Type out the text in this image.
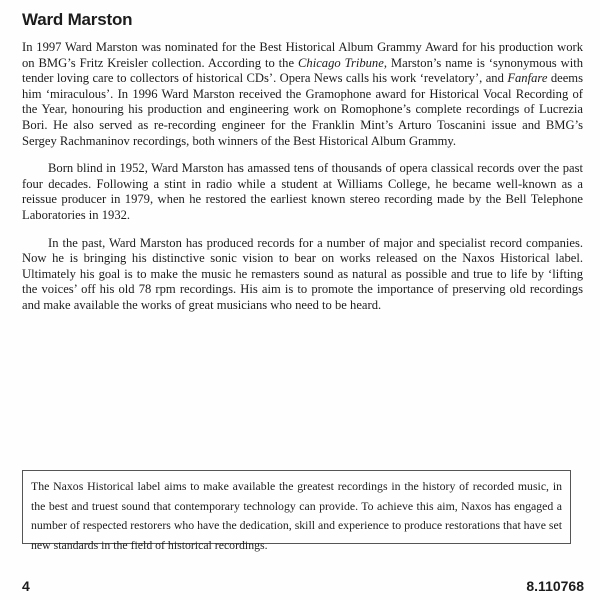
Ward Marston

In 1997 Ward Marston was nominated for the Best Historical Album Grammy Award for his production work on BMG’s Fritz Kreisler collection. According to the Chicago Tribune, Marston’s name is ‘synonymous with tender loving care to collectors of historical CDs’. Opera News calls his work ‘revelatory’, and Fanfare deems him ‘miraculous’. In 1996 Ward Marston received the Gramophone award for Historical Vocal Recording of the Year, honouring his production and engineering work on Romophone’s complete recordings of Lucrezia Bori. He also served as re-recording engineer for the Franklin Mint’s Arturo Toscanini issue and BMG’s Sergey Rachmaninov recordings, both winners of the Best Historical Album Grammy.

Born blind in 1952, Ward Marston has amassed tens of thousands of opera classical records over the past four decades. Following a stint in radio while a student at Williams College, he became well-known as a reissue producer in 1979, when he restored the earliest known stereo recording made by the Bell Telephone Laboratories in 1932.

In the past, Ward Marston has produced records for a number of major and specialist record companies. Now he is bringing his distinctive sonic vision to bear on works released on the Naxos Historical label. Ultimately his goal is to make the music he remasters sound as natural as possible and true to life by ‘lifting the voices’ off his old 78 rpm recordings. His aim is to promote the importance of preserving old recordings and make available the works of great musicians who need to be heard.

The Naxos Historical label aims to make available the greatest recordings in the history of recorded music, in the best and truest sound that contemporary technology can provide. To achieve this aim, Naxos has engaged a number of respected restorers who have the dedication, skill and experience to produce restorations that have set new standards in the field of historical recordings.
4	8.110768
